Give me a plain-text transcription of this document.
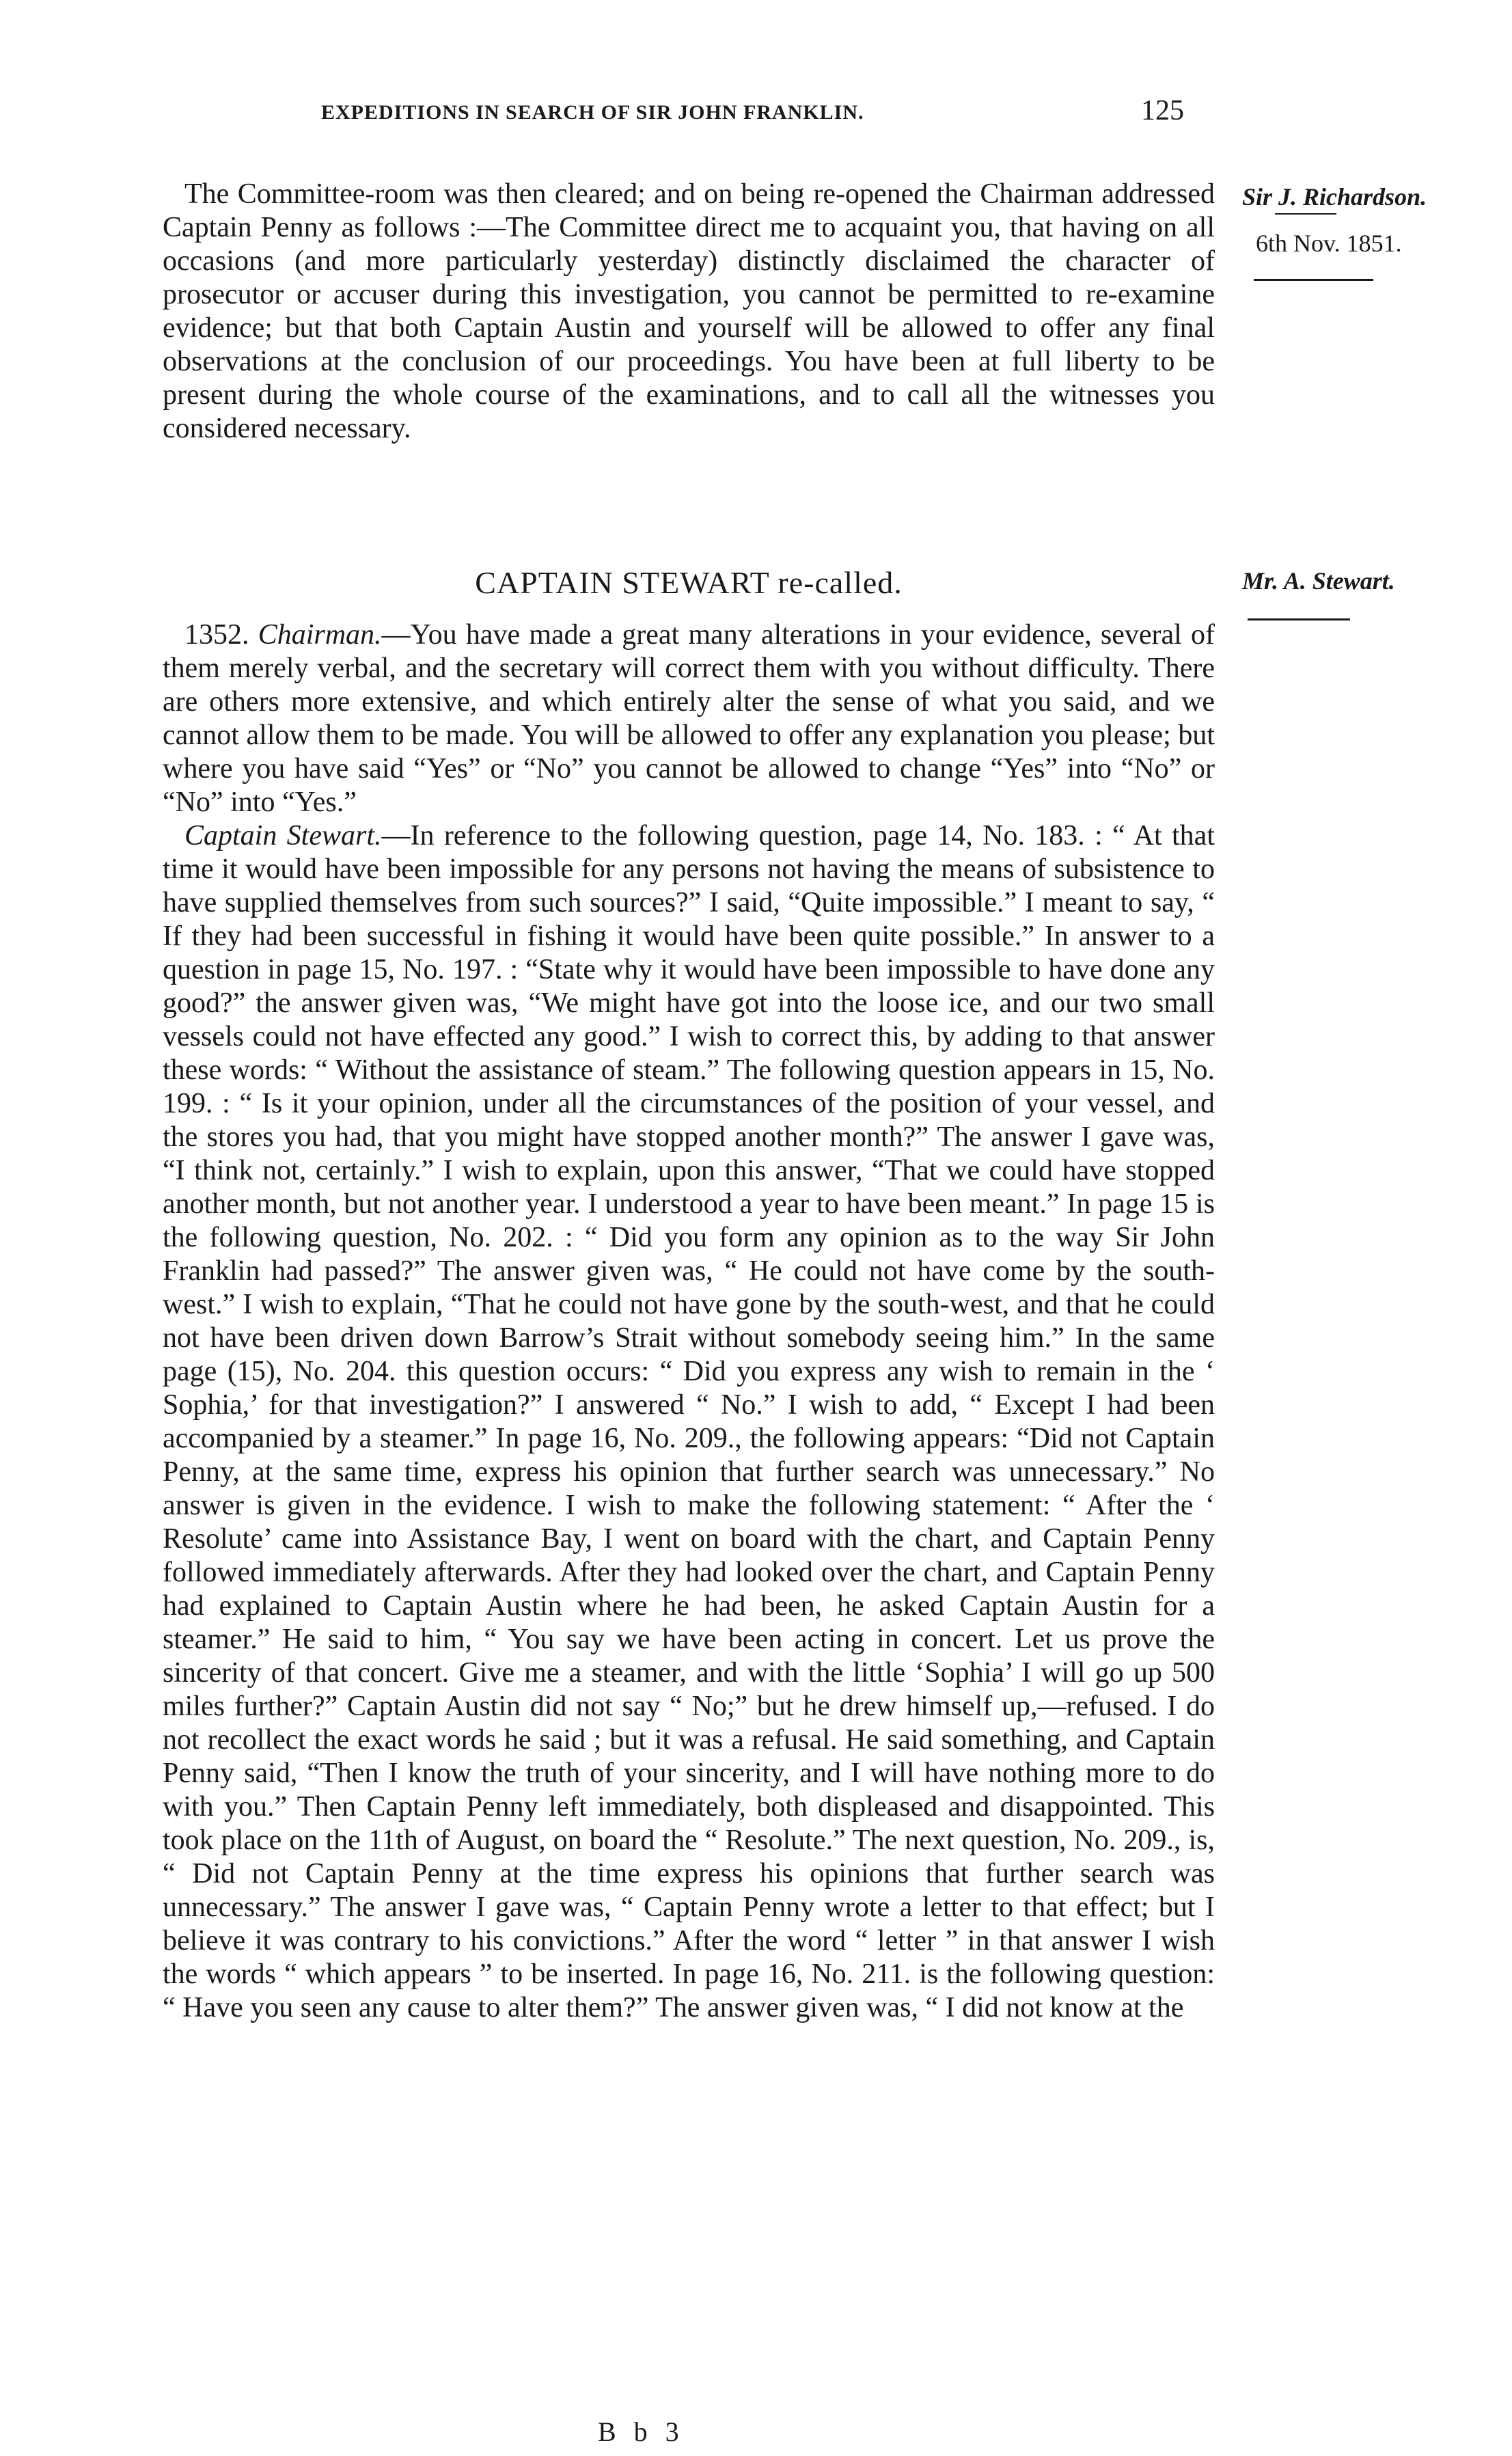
EXPEDITIONS IN SEARCH OF SIR JOHN FRANKLIN.	125

The Committee-room was then cleared; and on being re-opened the Chairman addressed Captain Penny as follows :—The Committee direct me to acquaint you, that having on all occasions (and more particularly yesterday) distinctly disclaimed the character of prosecutor or accuser during this investigation, you cannot be permitted to re-examine evidence; but that both Captain Austin and yourself will be allowed to offer any final observations at the conclusion of our proceedings. You have been at full liberty to be present during the whole course of the examinations, and to call all the witnesses you considered necessary.

Sir J. Richardson.
6th Nov. 1851.
CAPTAIN STEWART re-called.	Mr. A. Stewart.

1352. Chairman.—You have made a great many alterations in your evidence, several of them merely verbal, and the secretary will correct them with you without difficulty. There are others more extensive, and which entirely alter the sense of what you said, and we cannot allow them to be made. You will be allowed to offer any explanation you please; but where you have said “Yes” or “No” you cannot be allowed to change “Yes” into “No” or “No” into “Yes.”

Captain Stewart.—In reference to the following question, page 14, No. 183. : “ At that time it would have been impossible for any persons not having the means of subsistence to have supplied themselves from such sources?” I said, “Quite impossible.” I meant to say, “ If they had been successful in fishing it would have been quite possible.” In answer to a question in page 15, No. 197. : “State why it would have been impossible to have done any good?” the answer given was, “We might have got into the loose ice, and our two small vessels could not have effected any good.” I wish to correct this, by adding to that answer these words: “ Without the assistance of steam.” The following question appears in 15, No. 199. : “ Is it your opinion, under all the circumstances of the position of your vessel, and the stores you had, that you might have stopped another month?” The answer I gave was, “I think not, certainly.” I wish to explain, upon this answer, “That we could have stopped another month, but not another year. I understood a year to have been meant.” In page 15 is the following question, No. 202. : “ Did you form any opinion as to the way Sir John Franklin had passed?” The answer given was, “ He could not have come by the south-west.” I wish to explain, “That he could not have gone by the south-west, and that he could not have been driven down Barrow’s Strait without somebody seeing him.” In the same page (15), No. 204. this question occurs: “ Did you express any wish to remain in the ‘ Sophia,’ for that investigation?” I answered “ No.” I wish to add, “ Except I had been accompanied by a steamer.” In page 16, No. 209., the following appears: “Did not Captain Penny, at the same time, express his opinion that further search was unnecessary.” No answer is given in the evidence. I wish to make the following statement: “ After the ‘ Resolute’ came into Assistance Bay, I went on board with the chart, and Captain Penny followed immediately afterwards. After they had looked over the chart, and Captain Penny had explained to Captain Austin where he had been, he asked Captain Austin for a steamer.” He said to him, “ You say we have been acting in concert. Let us prove the sincerity of that concert. Give me a steamer, and with the little ‘Sophia’ I will go up 500 miles further?” Captain Austin did not say “ No;” but he drew himself up,—refused. I do not recollect the exact words he said ; but it was a refusal. He said something, and Captain Penny said, “Then I know the truth of your sincerity, and I will have nothing more to do with you.” Then Captain Penny left immediately, both displeased and disappointed. This took place on the 11th of August, on board the “ Resolute.” The next question, No. 209., is, “ Did not Captain Penny at the time express his opinions that further search was unnecessary.” The answer I gave was, “ Captain Penny wrote a letter to that effect; but I believe it was contrary to his convictions.” After the word “ letter ” in that answer I wish the words “ which appears ” to be inserted. In page 16, No. 211. is the following question: “ Have you seen any cause to alter them?” The answer given was, “ I did not know at the

B b 3
